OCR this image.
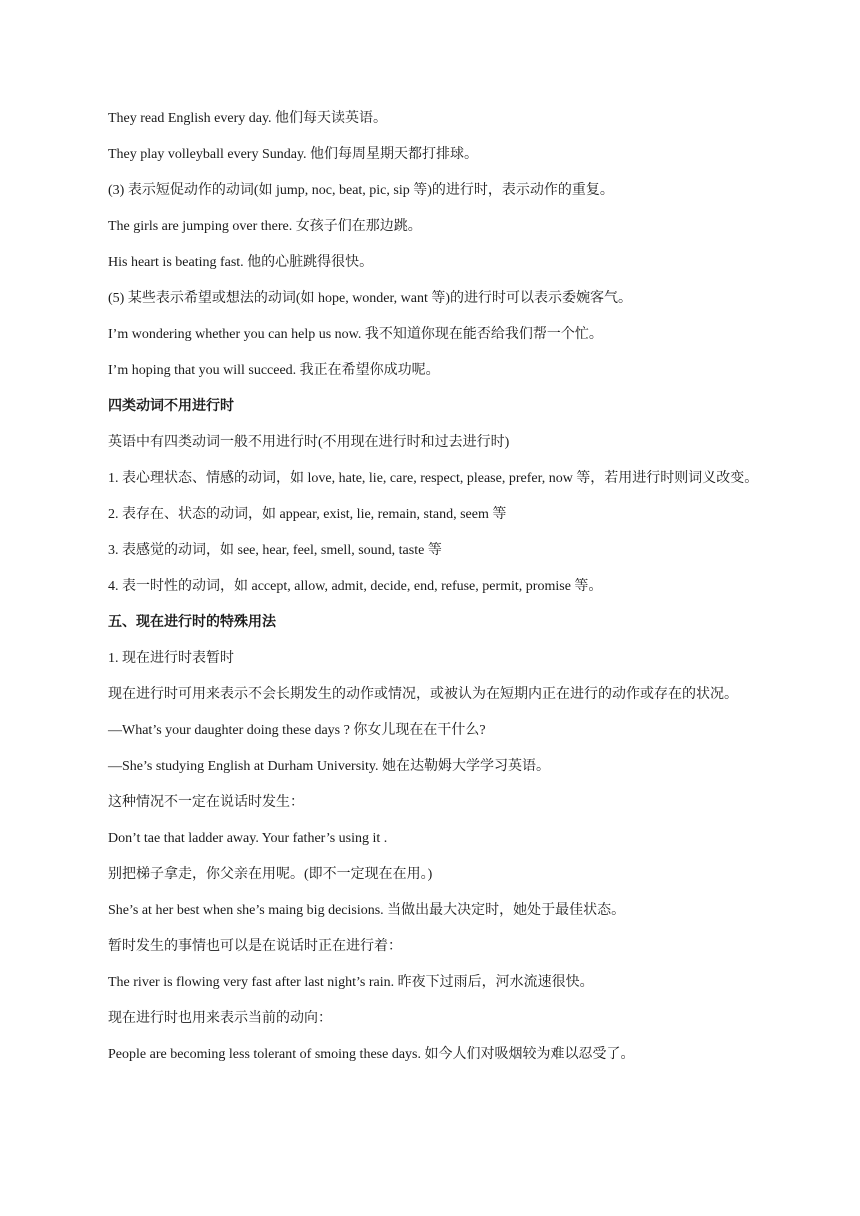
They read English every day. 他们每天读英语。

They play volleyball every Sunday. 他们每周星期天都打排球。

(3) 表示短促动作的动词(如 jump, noc, beat, pic, sip 等)的进行时，表示动作的重复。

The girls are jumping over there. 女孩子们在那边跳。

His heart is beating fast. 他的心脏跳得很快。

(5) 某些表示希望或想法的动词(如 hope, wonder, want 等)的进行时可以表示委婉客气。

I’m wondering whether you can help us now. 我不知道你现在能否给我们帮一个忙。

I’m hoping that you will succeed. 我正在希望你成功呢。

四类动词不用进行时

英语中有四类动词一般不用进行时(不用现在进行时和过去进行时)

1. 表心理状态、情感的动词，如 love, hate, lie, care, respect, please, prefer, now 等，若用进行时则词义改变。

2. 表存在、状态的动词，如 appear, exist, lie, remain, stand, seem 等

3. 表感觉的动词，如 see, hear, feel, smell, sound, taste 等

4. 表一时性的动词，如 accept, allow, admit, decide, end, refuse, permit, promise 等。

五、现在进行时的特殊用法

1. 现在进行时表暂时

现在进行时可用来表示不会长期发生的动作或情况，或被认为在短期内正在进行的动作或存在的状况。

—What’s your daughter doing these days ? 你女儿现在在干什么?

—She’s studying English at Durham University. 她在达勒姆大学学习英语。

这种情况不一定在说话时发生：

Don’t tae that ladder away. Your father’s using it .

别把梯子拿走，你父亲在用呢。(即不一定现在在用。)

She’s at her best when she’s maing big decisions. 当做出最大决定时，她处于最佳状态。

暂时发生的事情也可以是在说话时正在进行着：

The river is flowing very fast after last night’s rain. 昨夜下过雨后，河水流速很快。

现在进行时也用来表示当前的动向：

People are becoming less tolerant of smoing these days. 如今人们对吸烟较为难以忍受了。
